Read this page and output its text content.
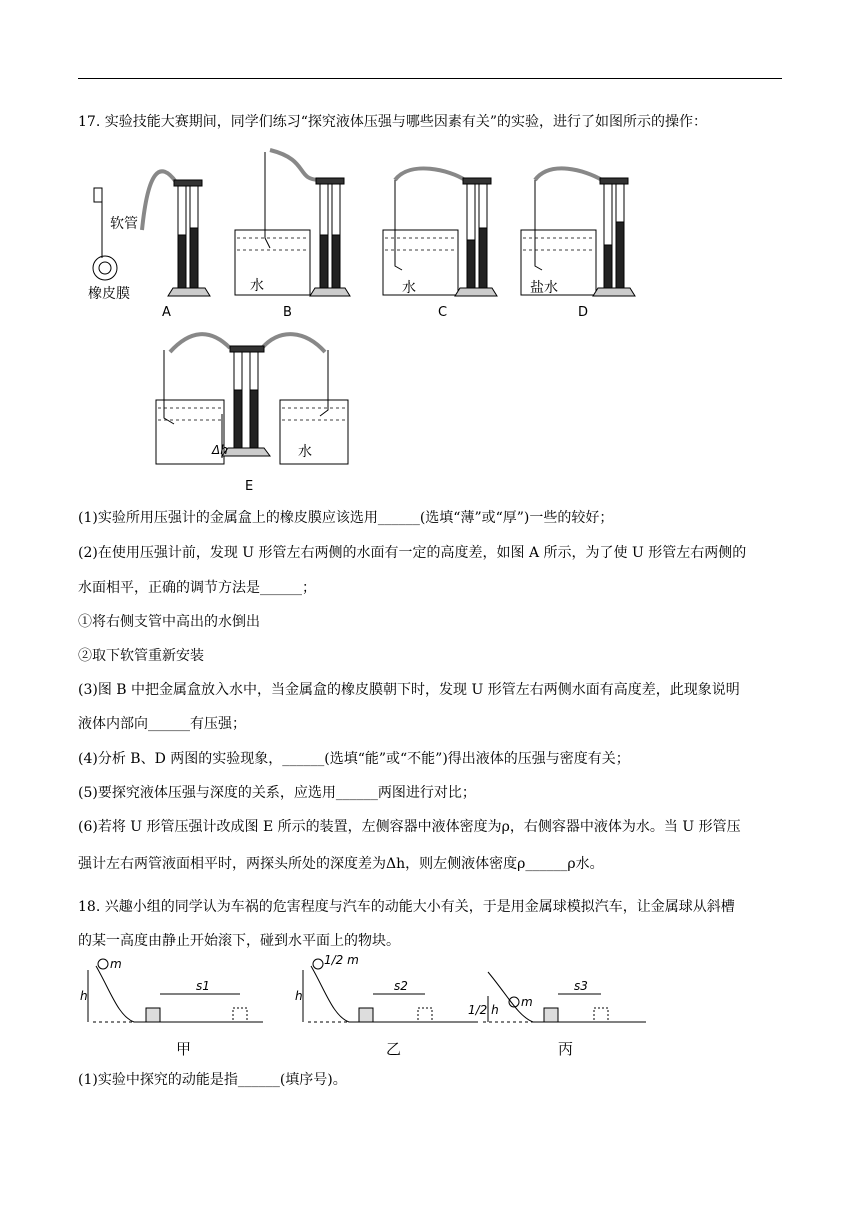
17. 实验技能大赛期间，同学们练习“探究液体压强与哪些因素有关”的实验，进行了如图所示的操作：
软管
橡皮膜	水	水	盐水
A	B	C	D
Δh	水
E
(1)实验所用压强计的金属盒上的橡皮膜应该选用______(选填“薄”或“厚”)一些的较好；
(2)在使用压强计前，发现 U 形管左右两侧的水面有一定的高度差，如图 A 所示，为了使 U 形管左右两侧的
水面相平，正确的调节方法是______；
①将右侧支管中高出的水倒出
②取下软管重新安装
(3)图 B 中把金属盒放入水中，当金属盒的橡皮膜朝下时，发现 U 形管左右两侧水面有高度差，此现象说明
液体内部向______有压强；
(4)分析 B、D 两图的实验现象，______(选填“能”或“不能”)得出液体的压强与密度有关；
(5)要探究液体压强与深度的关系，应选用______两图进行对比；
(6)若将 U 形管压强计改成图 E 所示的装置，左侧容器中液体密度为ρ，右侧容器中液体为水。当 U 形管压
强计左右两管液面相平时，两探头所处的深度差为Δh，则左侧液体密度ρ______ρ水。
18. 兴趣小组的同学认为车祸的危害程度与汽车的动能大小有关，于是用金属球模拟汽车，让金属球从斜槽
的某一高度由静止开始滚下，碰到水平面上的物块。
m
h
s1
1/2 m
h
s2
m
1/2 h
s3
甲	乙	丙
(1)实验中探究的动能是指______(填序号)。
